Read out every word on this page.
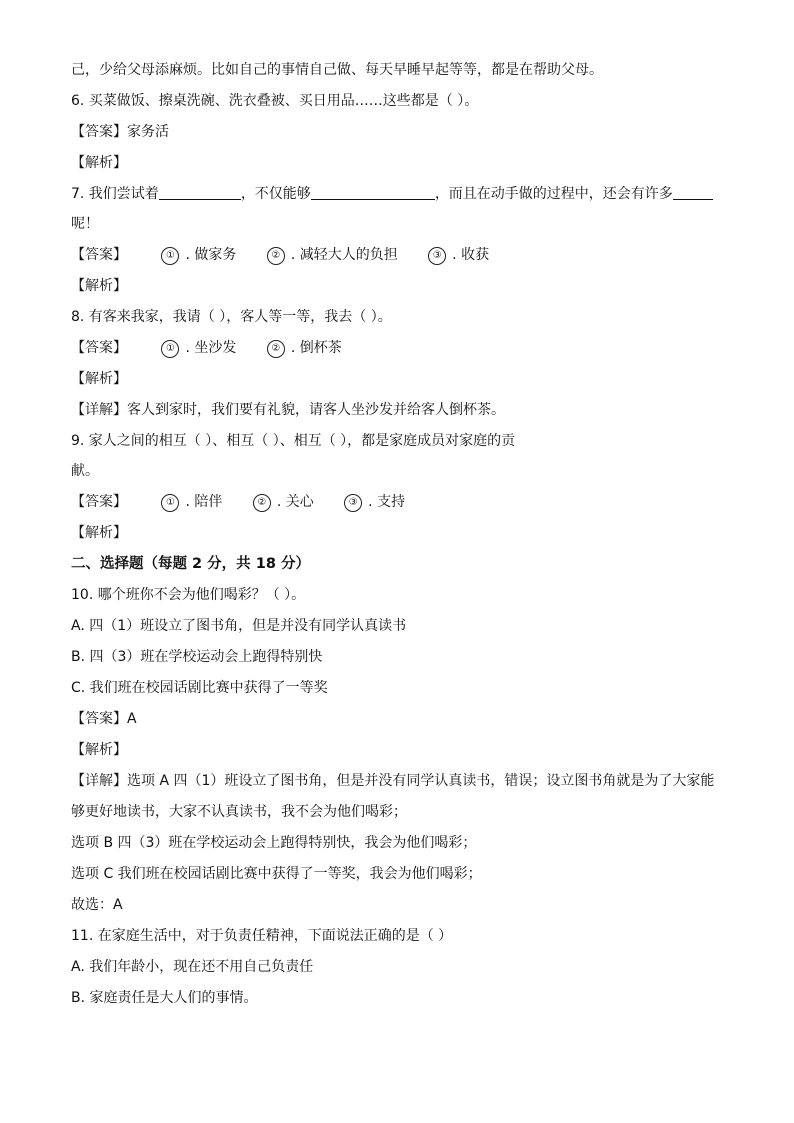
己，少给父母添麻烦。比如自己的事情自己做、每天早睡早起等等，都是在帮助父母。
6. 买菜做饭、擦桌洗碗、洗衣叠被、买日用品……这些都是（ ）。
【答案】家务活
【解析】
7. 我们尝试着	，不仅能够	，而且在动手做的过程中，还会有许多
呢！
【答案】	① . 做家务	② . 减轻大人的负担	③ . 收获
【解析】
8. 有客来我家，我请（ ），客人等一等，我去（ ）。
【答案】	① . 坐沙发	② . 倒杯茶
【解析】
【详解】客人到家时，我们要有礼貌，请客人坐沙发并给客人倒杯茶。
9. 家人之间的相互（ ）、相互（ ）、相互（ ），都是家庭成员对家庭的贡
献。
【答案】	① . 陪伴	② . 关心	③ . 支持
【解析】
二、选择题（每题 2 分，共 18 分）
10. 哪个班你不会为他们喝彩？（ ）。
A. 四（1）班设立了图书角，但是并没有同学认真读书
B. 四（3）班在学校运动会上跑得特别快
C. 我们班在校园话剧比赛中获得了一等奖
【答案】A
【解析】
【详解】选项 A 四（1）班设立了图书角，但是并没有同学认真读书，错误；设立图书角就是为了大家能
够更好地读书，大家不认真读书，我不会为他们喝彩；
选项 B 四（3）班在学校运动会上跑得特别快，我会为他们喝彩；
选项 C 我们班在校园话剧比赛中获得了一等奖，我会为他们喝彩；
故选：A
11. 在家庭生活中，对于负责任精神，下面说法正确的是（ ）
A. 我们年龄小，现在还不用自己负责任
B. 家庭责任是大人们的事情。
